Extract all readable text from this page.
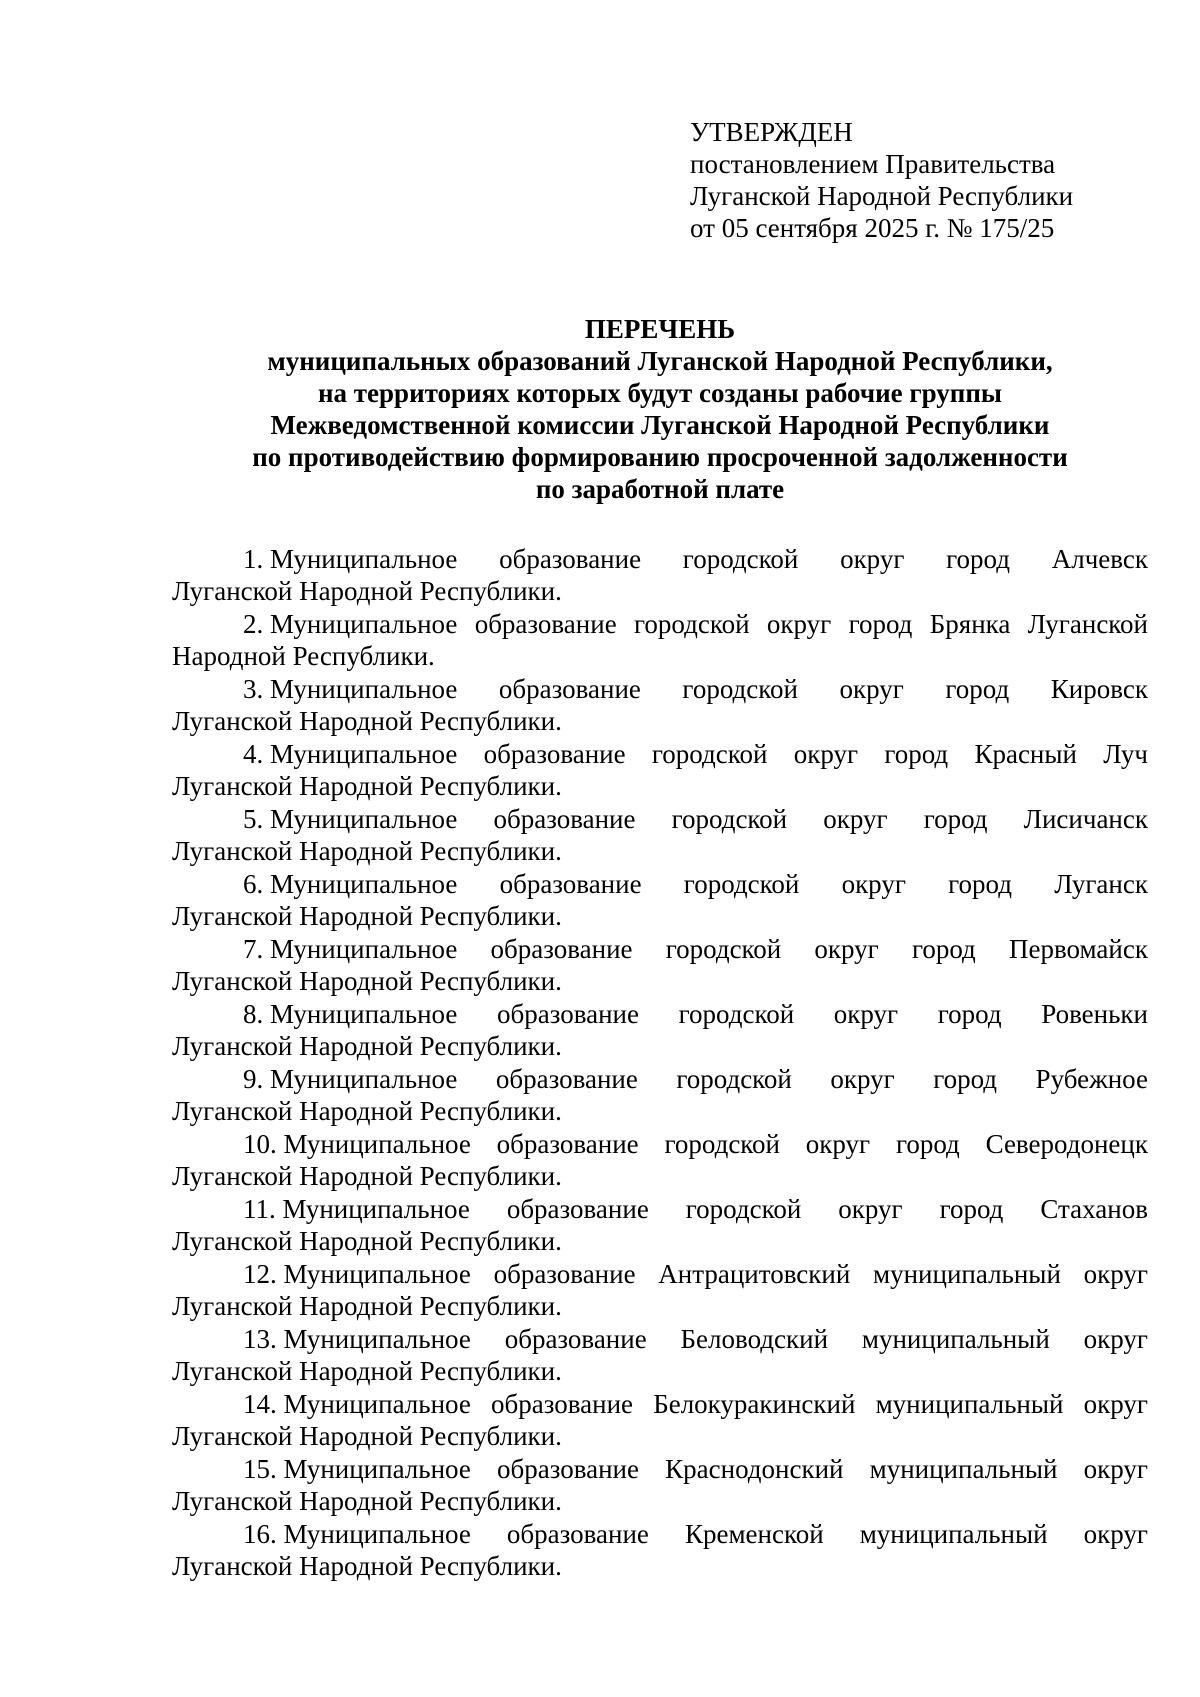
УТВЕРЖДЕН
постановлением Правительства
Луганской Народной Республики
от 05 сентября 2025 г. № 175/25
ПЕРЕЧЕНЬ
муниципальных образований Луганской Народной Республики,
на территориях которых будут созданы рабочие группы
Межведомственной комиссии Луганской Народной Республики
по противодействию формированию просроченной задолженности
по заработной плате
1. Муниципальное образование городской округ город Алчевск
Луганской Народной Республики.
2. Муниципальное образование городской округ город Брянка Луганской
Народной Республики.
3. Муниципальное образование городской округ город Кировск
Луганской Народной Республики.
4. Муниципальное образование городской округ город Красный Луч
Луганской Народной Республики.
5. Муниципальное образование городской округ город Лисичанск
Луганской Народной Республики.
6. Муниципальное образование городской округ город Луганск
Луганской Народной Республики.
7. Муниципальное образование городской округ город Первомайск
Луганской Народной Республики.
8. Муниципальное образование городской округ город Ровеньки
Луганской Народной Республики.
9. Муниципальное образование городской округ город Рубежное
Луганской Народной Республики.
10. Муниципальное образование городской округ город Северодонецк
Луганской Народной Республики.
11. Муниципальное образование городской округ город Стаханов
Луганской Народной Республики.
12. Муниципальное образование Антрацитовский муниципальный округ
Луганской Народной Республики.
13. Муниципальное образование Беловодский муниципальный округ
Луганской Народной Республики.
14. Муниципальное образование Белокуракинский муниципальный округ
Луганской Народной Республики.
15. Муниципальное образование Краснодонский муниципальный округ
Луганской Народной Республики.
16. Муниципальное образование Кременской муниципальный округ
Луганской Народной Республики.
